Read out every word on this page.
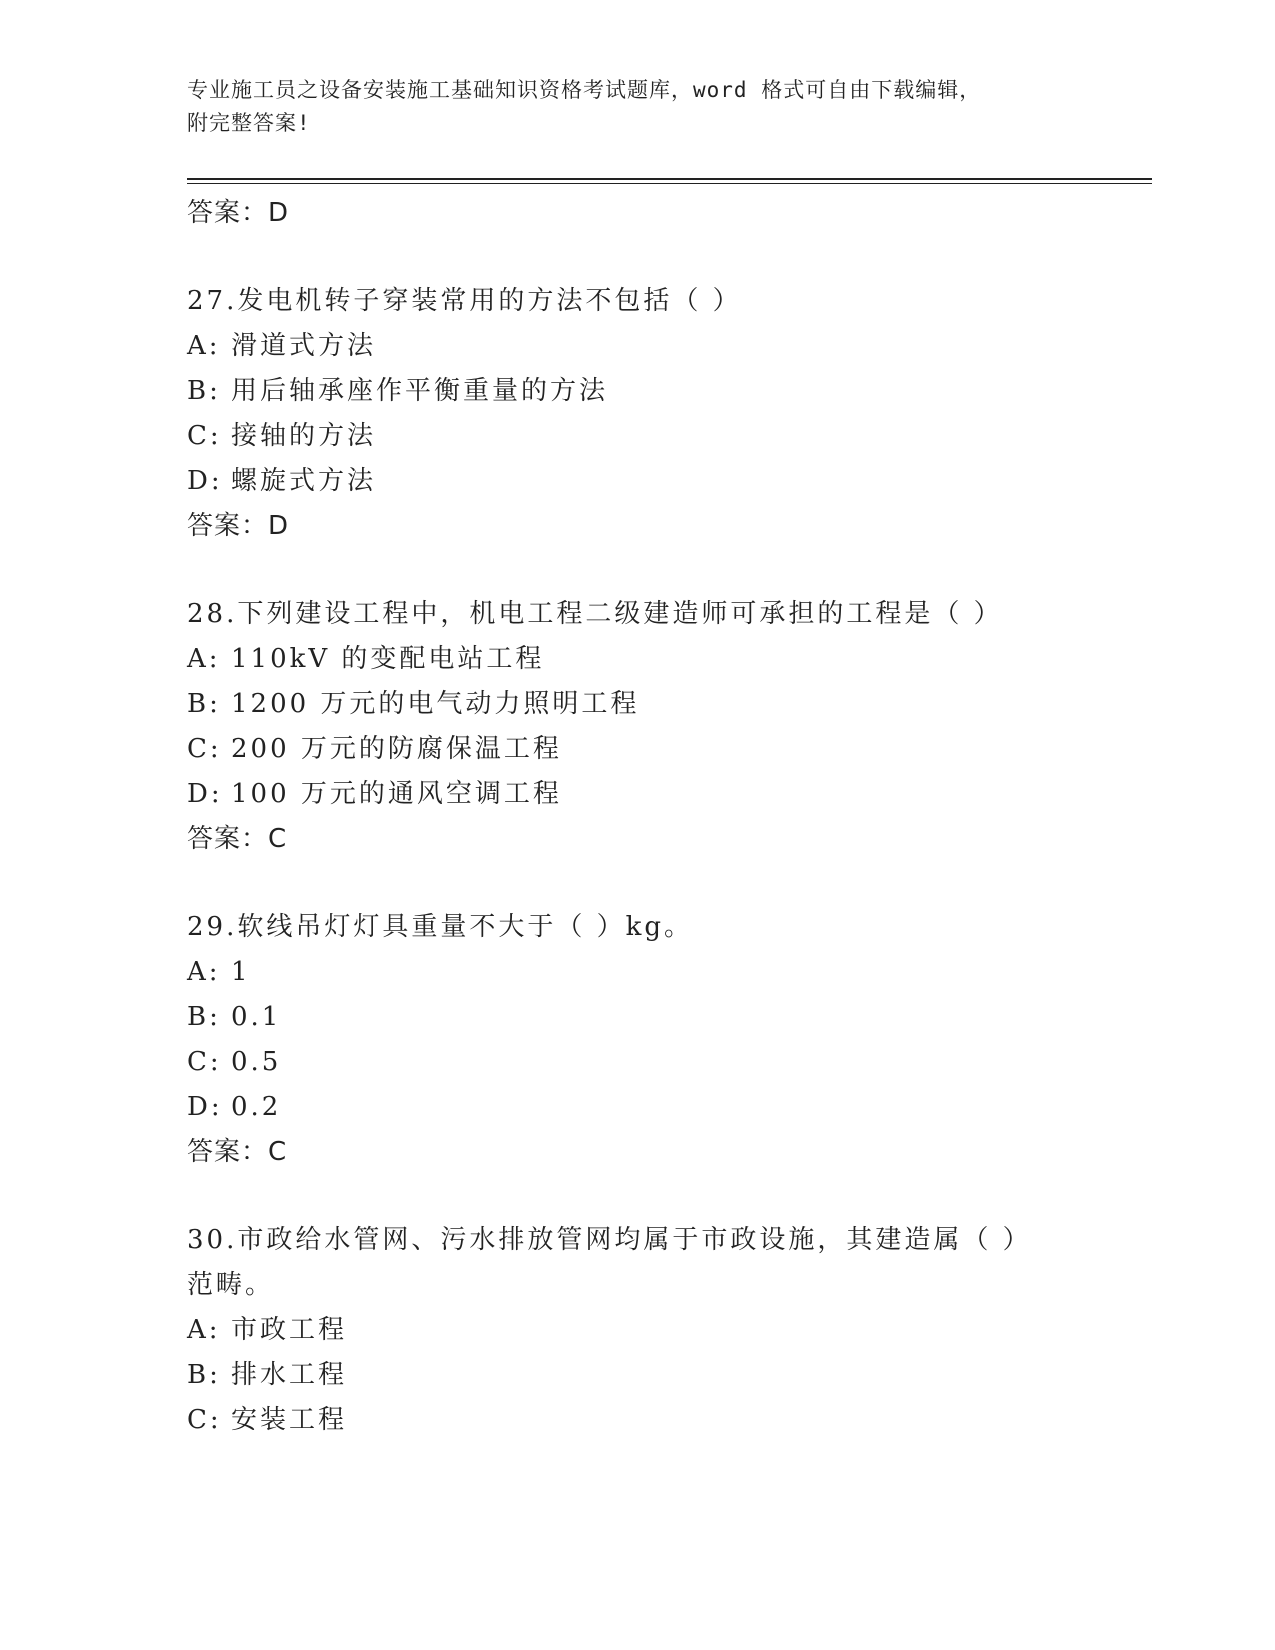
专业施工员之设备安装施工基础知识资格考试题库，word 格式可自由下载编辑，
附完整答案!
答案：D
27.发电机转子穿装常用的方法不包括（ ）
A: 滑道式方法
B: 用后轴承座作平衡重量的方法
C: 接轴的方法
D: 螺旋式方法
答案：D
28.下列建设工程中，机电工程二级建造师可承担的工程是（ ）
A: 110kV 的变配电站工程
B: 1200 万元的电气动力照明工程
C: 200 万元的防腐保温工程
D: 100 万元的通风空调工程
答案：C
29.软线吊灯灯具重量不大于（ ）kg。
A: 1
B: 0.1
C: 0.5
D: 0.2
答案：C
30.市政给水管网、污水排放管网均属于市政设施，其建造属（ ）范畴。
A: 市政工程
B: 排水工程
C: 安装工程
